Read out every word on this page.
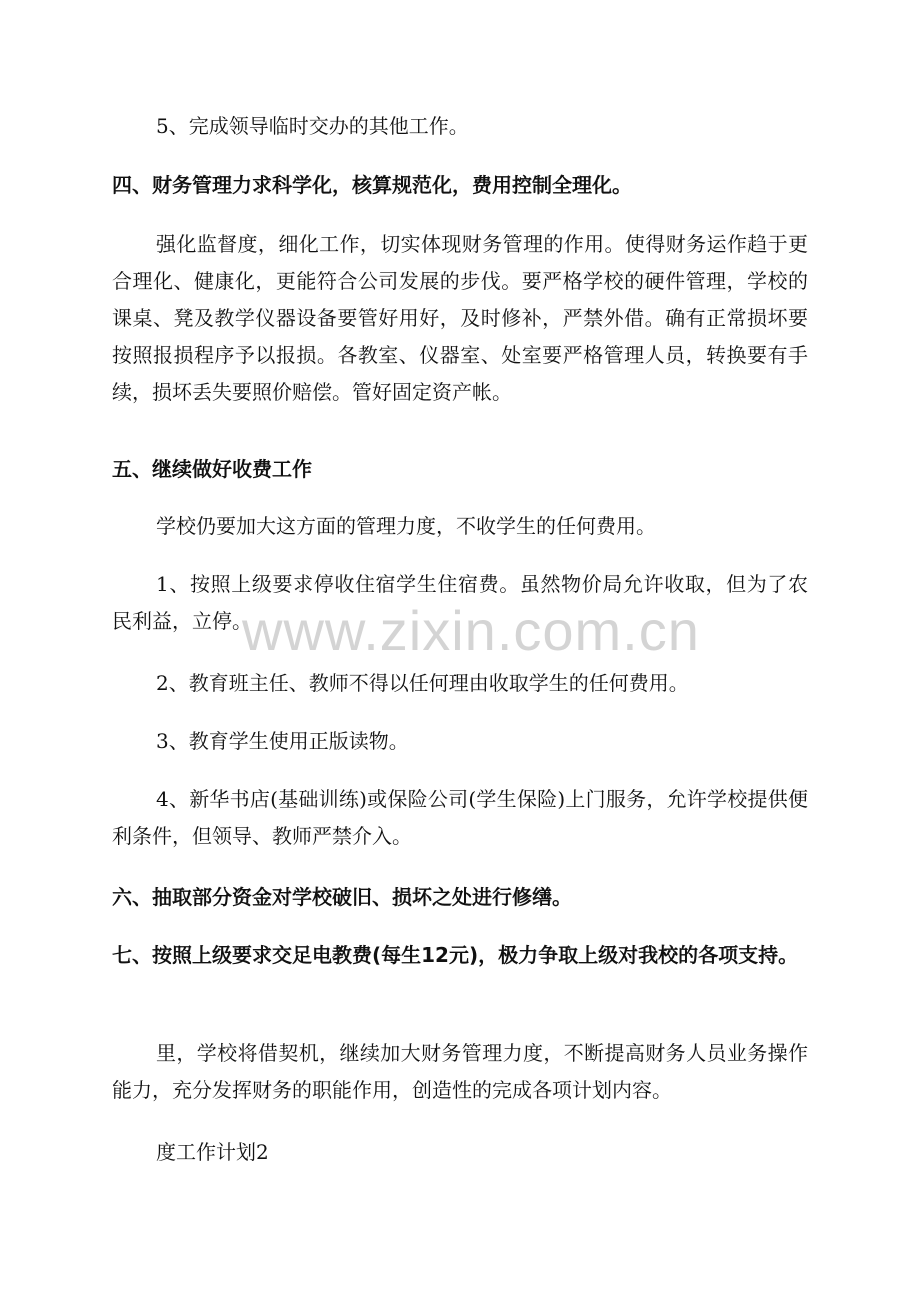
5、完成领导临时交办的其他工作。

四、财务管理力求科学化，核算规范化，费用控制全理化。

强化监督度，细化工作，切实体现财务管理的作用。使得财务运作趋于更合理化、健康化，更能符合公司发展的步伐。要严格学校的硬件管理，学校的课桌、凳及教学仪器设备要管好用好，及时修补，严禁外借。确有正常损坏要按照报损程序予以报损。各教室、仪器室、处室要严格管理人员，转换要有手续，损坏丢失要照价赔偿。管好固定资产帐。

五、继续做好收费工作

学校仍要加大这方面的管理力度，不收学生的任何费用。

1、按照上级要求停收住宿学生住宿费。虽然物价局允许收取，但为了农民利益，立停。

2、教育班主任、教师不得以任何理由收取学生的任何费用。

3、教育学生使用正版读物。

4、新华书店(基础训练)或保险公司(学生保险)上门服务，允许学校提供便利条件，但领导、教师严禁介入。

六、抽取部分资金对学校破旧、损坏之处进行修缮。

七、按照上级要求交足电教费(每生12元)，极力争取上级对我校的各项支持。

里，学校将借契机，继续加大财务管理力度，不断提高财务人员业务操作能力，充分发挥财务的职能作用，创造性的完成各项计划内容。

度工作计划2

www.zixin.com.cn
